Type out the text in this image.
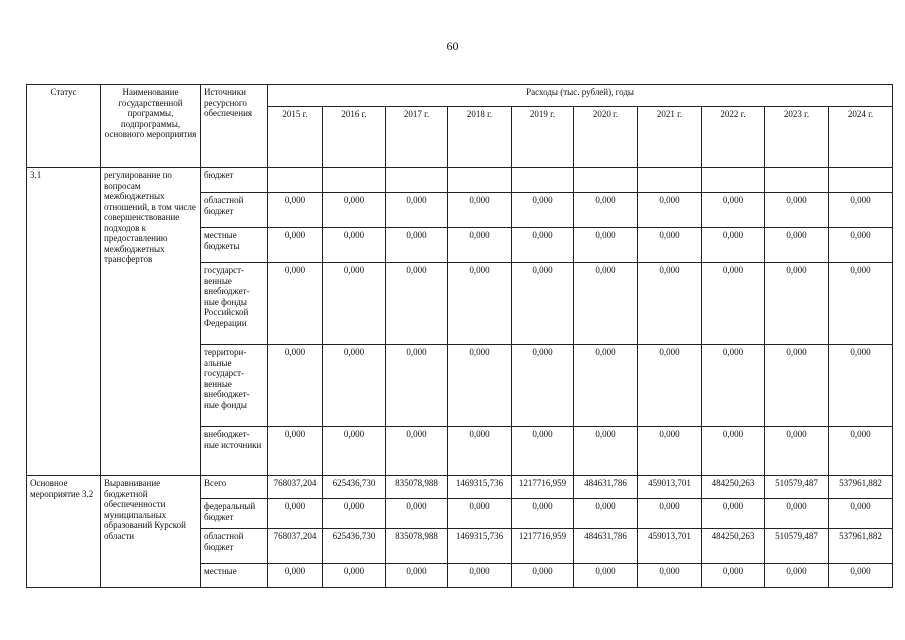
60
Статус	Наименование государственной программы, подпрограммы, основного мероприятия	Источники ресурсного обеспечения	Расходы (тыс. рублей), годы									
			2015 г.	2016 г.	2017 г.	2018 г.	2019 г.	2020 г.	2021 г.	2022 г.	2023 г.	2024 г.
3.1	регулирование по вопросам межбюджетных отношений, в том числе совершенствование подходов к предоставлению межбюджетных трансфертов	бюджет										
		областной бюджет	0,000	0,000	0,000	0,000	0,000	0,000	0,000	0,000	0,000	0,000
		местные бюджеты	0,000	0,000	0,000	0,000	0,000	0,000	0,000	0,000	0,000	0,000
		государст-венные внебюджет-ные фонды Российской Федерации	0,000	0,000	0,000	0,000	0,000	0,000	0,000	0,000	0,000	0,000
		территори-альные государст-венные внебюджет-ные фонды	0,000	0,000	0,000	0,000	0,000	0,000	0,000	0,000	0,000	0,000
		внебюджет-ные источники	0,000	0,000	0,000	0,000	0,000	0,000	0,000	0,000	0,000	0,000
Основное мероприятие 3.2	Выравнивание бюджетной обеспеченности муниципальных образований Курской области	Всего	768037,204	625436,730	835078,988	1469315,736	1217716,959	484631,786	459013,701	484250,263	510579,487	537961,882
		федеральный бюджет	0,000	0,000	0,000	0,000	0,000	0,000	0,000	0,000	0,000	0,000
		областной бюджет	768037,204	625436,730	835078,988	1469315,736	1217716,959	484631,786	459013,701	484250,263	510579,487	537961,882
		местные	0,000	0,000	0,000	0,000	0,000	0,000	0,000	0,000	0,000	0,000
